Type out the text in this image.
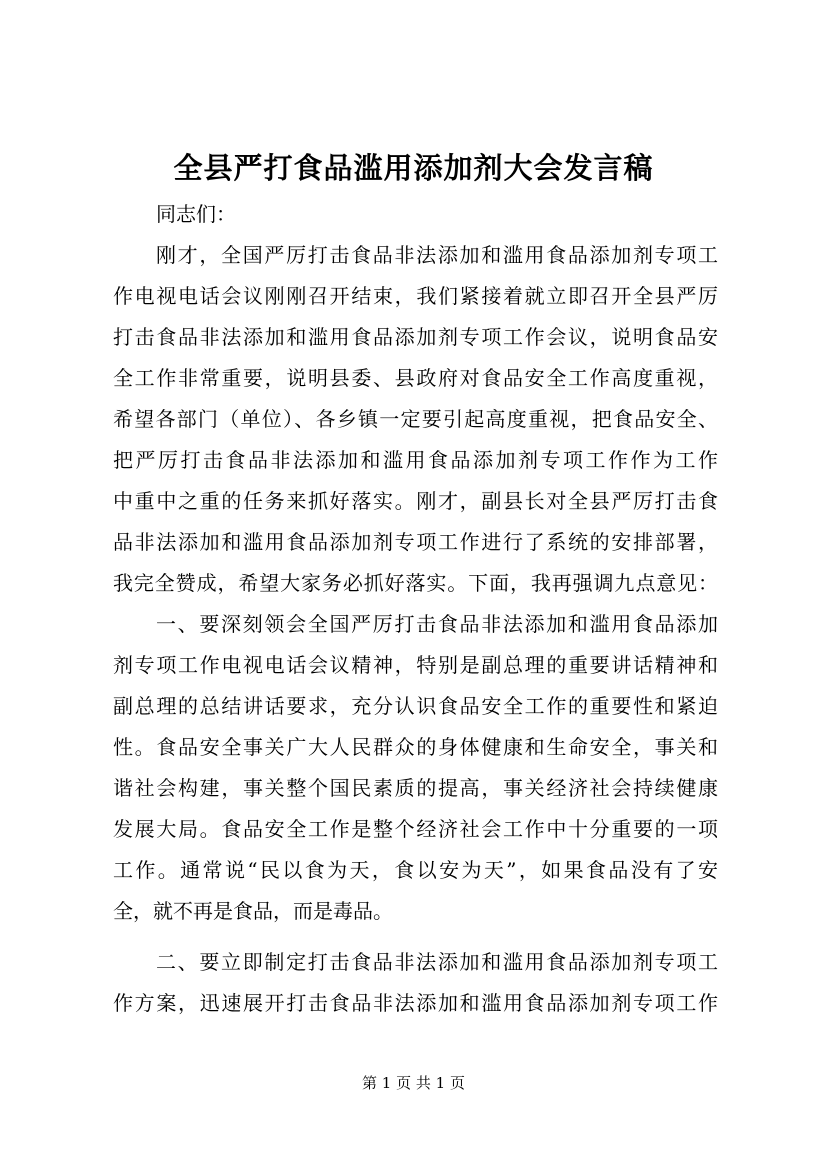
全县严打食品滥用添加剂大会发言稿
同志们：
刚才，全国严厉打击食品非法添加和滥用食品添加剂专项工
作电视电话会议刚刚召开结束，我们紧接着就立即召开全县严厉
打击食品非法添加和滥用食品添加剂专项工作会议，说明食品安
全工作非常重要，说明县委、县政府对食品安全工作高度重视，
希望各部门（单位）、各乡镇一定要引起高度重视，把食品安全、
把严厉打击食品非法添加和滥用食品添加剂专项工作作为工作
中重中之重的任务来抓好落实。刚才，副县长对全县严厉打击食
品非法添加和滥用食品添加剂专项工作进行了系统的安排部署，
我完全赞成，希望大家务必抓好落实。下面，我再强调九点意见：
一、要深刻领会全国严厉打击食品非法添加和滥用食品添加
剂专项工作电视电话会议精神，特别是副总理的重要讲话精神和
副总理的总结讲话要求，充分认识食品安全工作的重要性和紧迫
性。食品安全事关广大人民群众的身体健康和生命安全，事关和
谐社会构建，事关整个国民素质的提高，事关经济社会持续健康
发展大局。食品安全工作是整个经济社会工作中十分重要的一项
工作。通常说“民以食为天，食以安为天”，如果食品没有了安
全，就不再是食品，而是毒品。
二、要立即制定打击食品非法添加和滥用食品添加剂专项工
作方案，迅速展开打击食品非法添加和滥用食品添加剂专项工作
第 1 页 共 1 页
